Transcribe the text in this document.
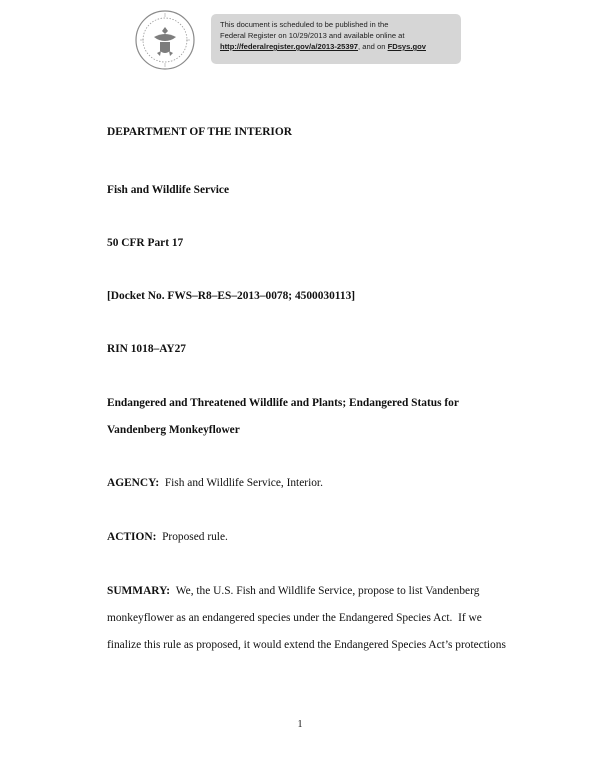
This document is scheduled to be published in the
Federal Register on 10/29/2013 and available online at
http://federalregister.gov/a/2013-25397, and on FDsys.gov
DEPARTMENT OF THE INTERIOR
Fish and Wildlife Service
50 CFR Part 17
[Docket No. FWS–R8–ES–2013–0078; 4500030113]
RIN 1018–AY27
Endangered and Threatened Wildlife and Plants; Endangered Status for
Vandenberg Monkeyflower
AGENCY: Fish and Wildlife Service, Interior.
ACTION: Proposed rule.
SUMMARY: We, the U.S. Fish and Wildlife Service, propose to list Vandenberg
monkeyflower as an endangered species under the Endangered Species Act.  If we
finalize this rule as proposed, it would extend the Endangered Species Act’s protections
1
